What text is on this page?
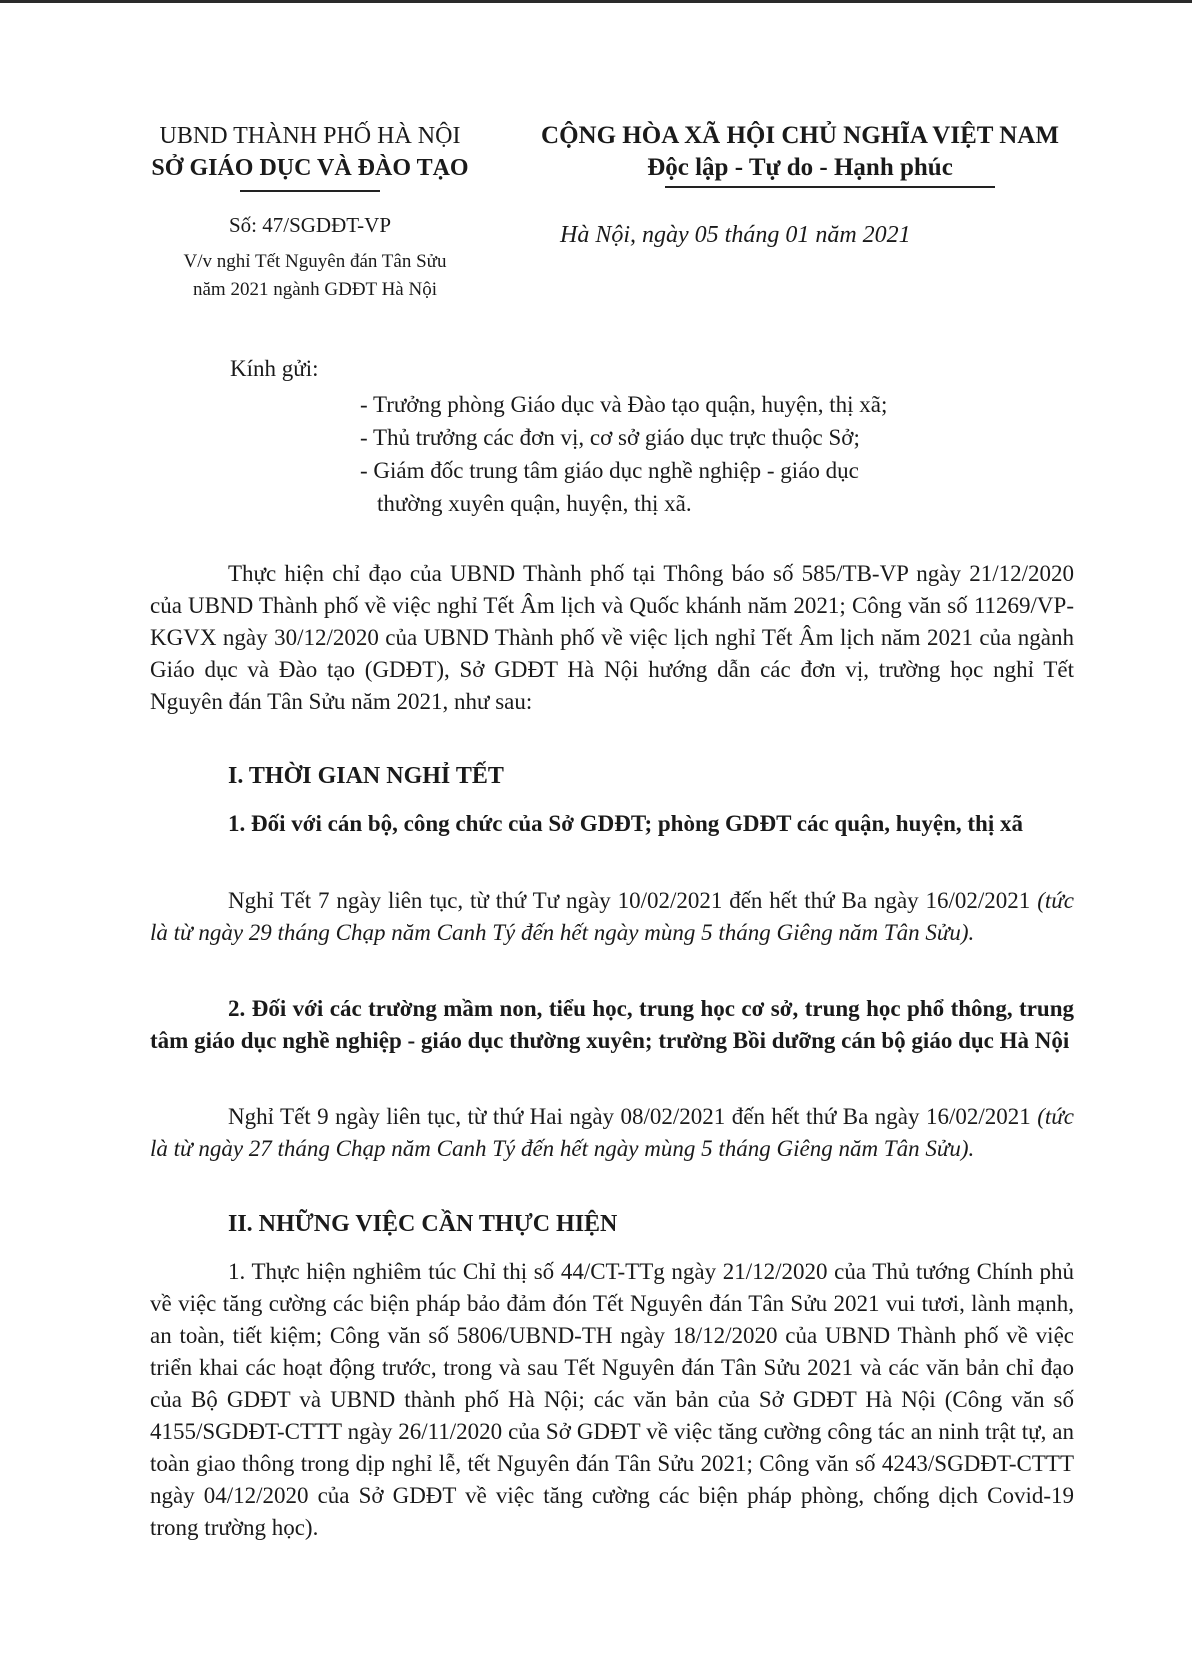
UBND THÀNH PHỐ HÀ NỘI
SỞ GIÁO DỤC VÀ ĐÀO TẠO
CỘNG HÒA XÃ HỘI CHỦ NGHĨA VIỆT NAM
Độc lập - Tự do - Hạnh phúc
Số: 47/SGDĐT-VP
V/v nghỉ Tết Nguyên đán Tân Sửu
năm 2021 ngành GDĐT Hà Nội
Hà Nội, ngày 05 tháng 01 năm 2021
Kính gửi:
- Trưởng phòng Giáo dục và Đào tạo quận, huyện, thị xã;
- Thủ trưởng các đơn vị, cơ sở giáo dục trực thuộc Sở;
- Giám đốc trung tâm giáo dục nghề nghiệp - giáo dục
thường xuyên quận, huyện, thị xã.
Thực hiện chỉ đạo của UBND Thành phố tại Thông báo số 585/TB-VP ngày 21/12/2020 của UBND Thành phố về việc nghỉ Tết Âm lịch và Quốc khánh năm 2021; Công văn số 11269/VP-KGVX ngày 30/12/2020 của UBND Thành phố về việc lịch nghỉ Tết Âm lịch năm 2021 của ngành Giáo dục và Đào tạo (GDĐT), Sở GDĐT Hà Nội hướng dẫn các đơn vị, trường học nghỉ Tết Nguyên đán Tân Sửu năm 2021, như sau:
I. THỜI GIAN NGHỈ TẾT
1. Đối với cán bộ, công chức của Sở GDĐT; phòng GDĐT các quận, huyện, thị xã
Nghỉ Tết 7 ngày liên tục, từ thứ Tư ngày 10/02/2021 đến hết thứ Ba ngày 16/02/2021 (tức là từ ngày 29 tháng Chạp năm Canh Tý đến hết ngày mùng 5 tháng Giêng năm Tân Sửu).
2. Đối với các trường mầm non, tiểu học, trung học cơ sở, trung học phổ thông, trung tâm giáo dục nghề nghiệp - giáo dục thường xuyên; trường Bồi dưỡng cán bộ giáo dục Hà Nội
Nghỉ Tết 9 ngày liên tục, từ thứ Hai ngày 08/02/2021 đến hết thứ Ba ngày 16/02/2021 (tức là từ ngày 27 tháng Chạp năm Canh Tý đến hết ngày mùng 5 tháng Giêng năm Tân Sửu).
II. NHỮNG VIỆC CẦN THỰC HIỆN
1. Thực hiện nghiêm túc Chỉ thị số 44/CT-TTg ngày 21/12/2020 của Thủ tướng Chính phủ về việc tăng cường các biện pháp bảo đảm đón Tết Nguyên đán Tân Sửu 2021 vui tươi, lành mạnh, an toàn, tiết kiệm; Công văn số 5806/UBND-TH ngày 18/12/2020 của UBND Thành phố về việc triển khai các hoạt động trước, trong và sau Tết Nguyên đán Tân Sửu 2021 và các văn bản chỉ đạo của Bộ GDĐT và UBND thành phố Hà Nội; các văn bản của Sở GDĐT Hà Nội (Công văn số 4155/SGDĐT-CTTT ngày 26/11/2020 của Sở GDĐT về việc tăng cường công tác an ninh trật tự, an toàn giao thông trong dịp nghỉ lễ, tết Nguyên đán Tân Sửu 2021; Công văn số 4243/SGDĐT-CTTT ngày 04/12/2020 của Sở GDĐT về việc tăng cường các biện pháp phòng, chống dịch Covid-19 trong trường học).
